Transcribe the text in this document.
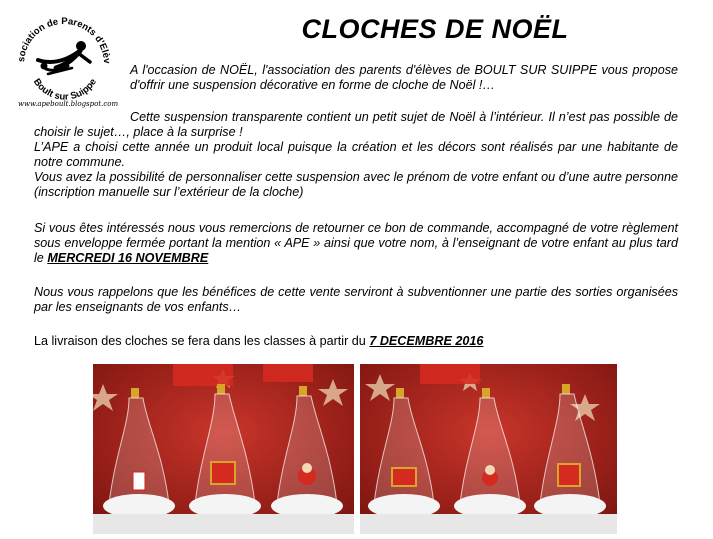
sociation de Parents d'Elèv
Boult sur Suippe
www.apeboult.blogspot.com
CLOCHES DE NOËL
A l'occasion de NOËL, l'association des parents d'élèves de BOULT SUR SUIPPE vous propose d'offrir une suspension décorative en forme de cloche de Noël !…
Cette suspension transparente contient un petit sujet de Noël à l’intérieur. Il n’est pas possible de choisir le sujet…, place à la surprise !
L’APE a choisi cette année un produit local puisque la création et les décors sont réalisés par une habitante de notre commune.
Vous avez la possibilité de personnaliser cette suspension avec le prénom de votre enfant ou d’une autre personne (inscription manuelle sur l’extérieur de la cloche)
Si vous êtes intéressés nous vous remercions de retourner ce bon de commande, accompagné de votre règlement sous enveloppe fermée portant la mention « APE » ainsi que votre nom, à l’enseignant de votre enfant au plus tard le MERCREDI 16 NOVEMBRE
Nous vous rappelons que les bénéfices de cette vente serviront à subventionner une partie des sorties organisées par les enseignants de vos enfants…
La livraison des cloches se fera dans les classes à partir du 7 DECEMBRE 2016
